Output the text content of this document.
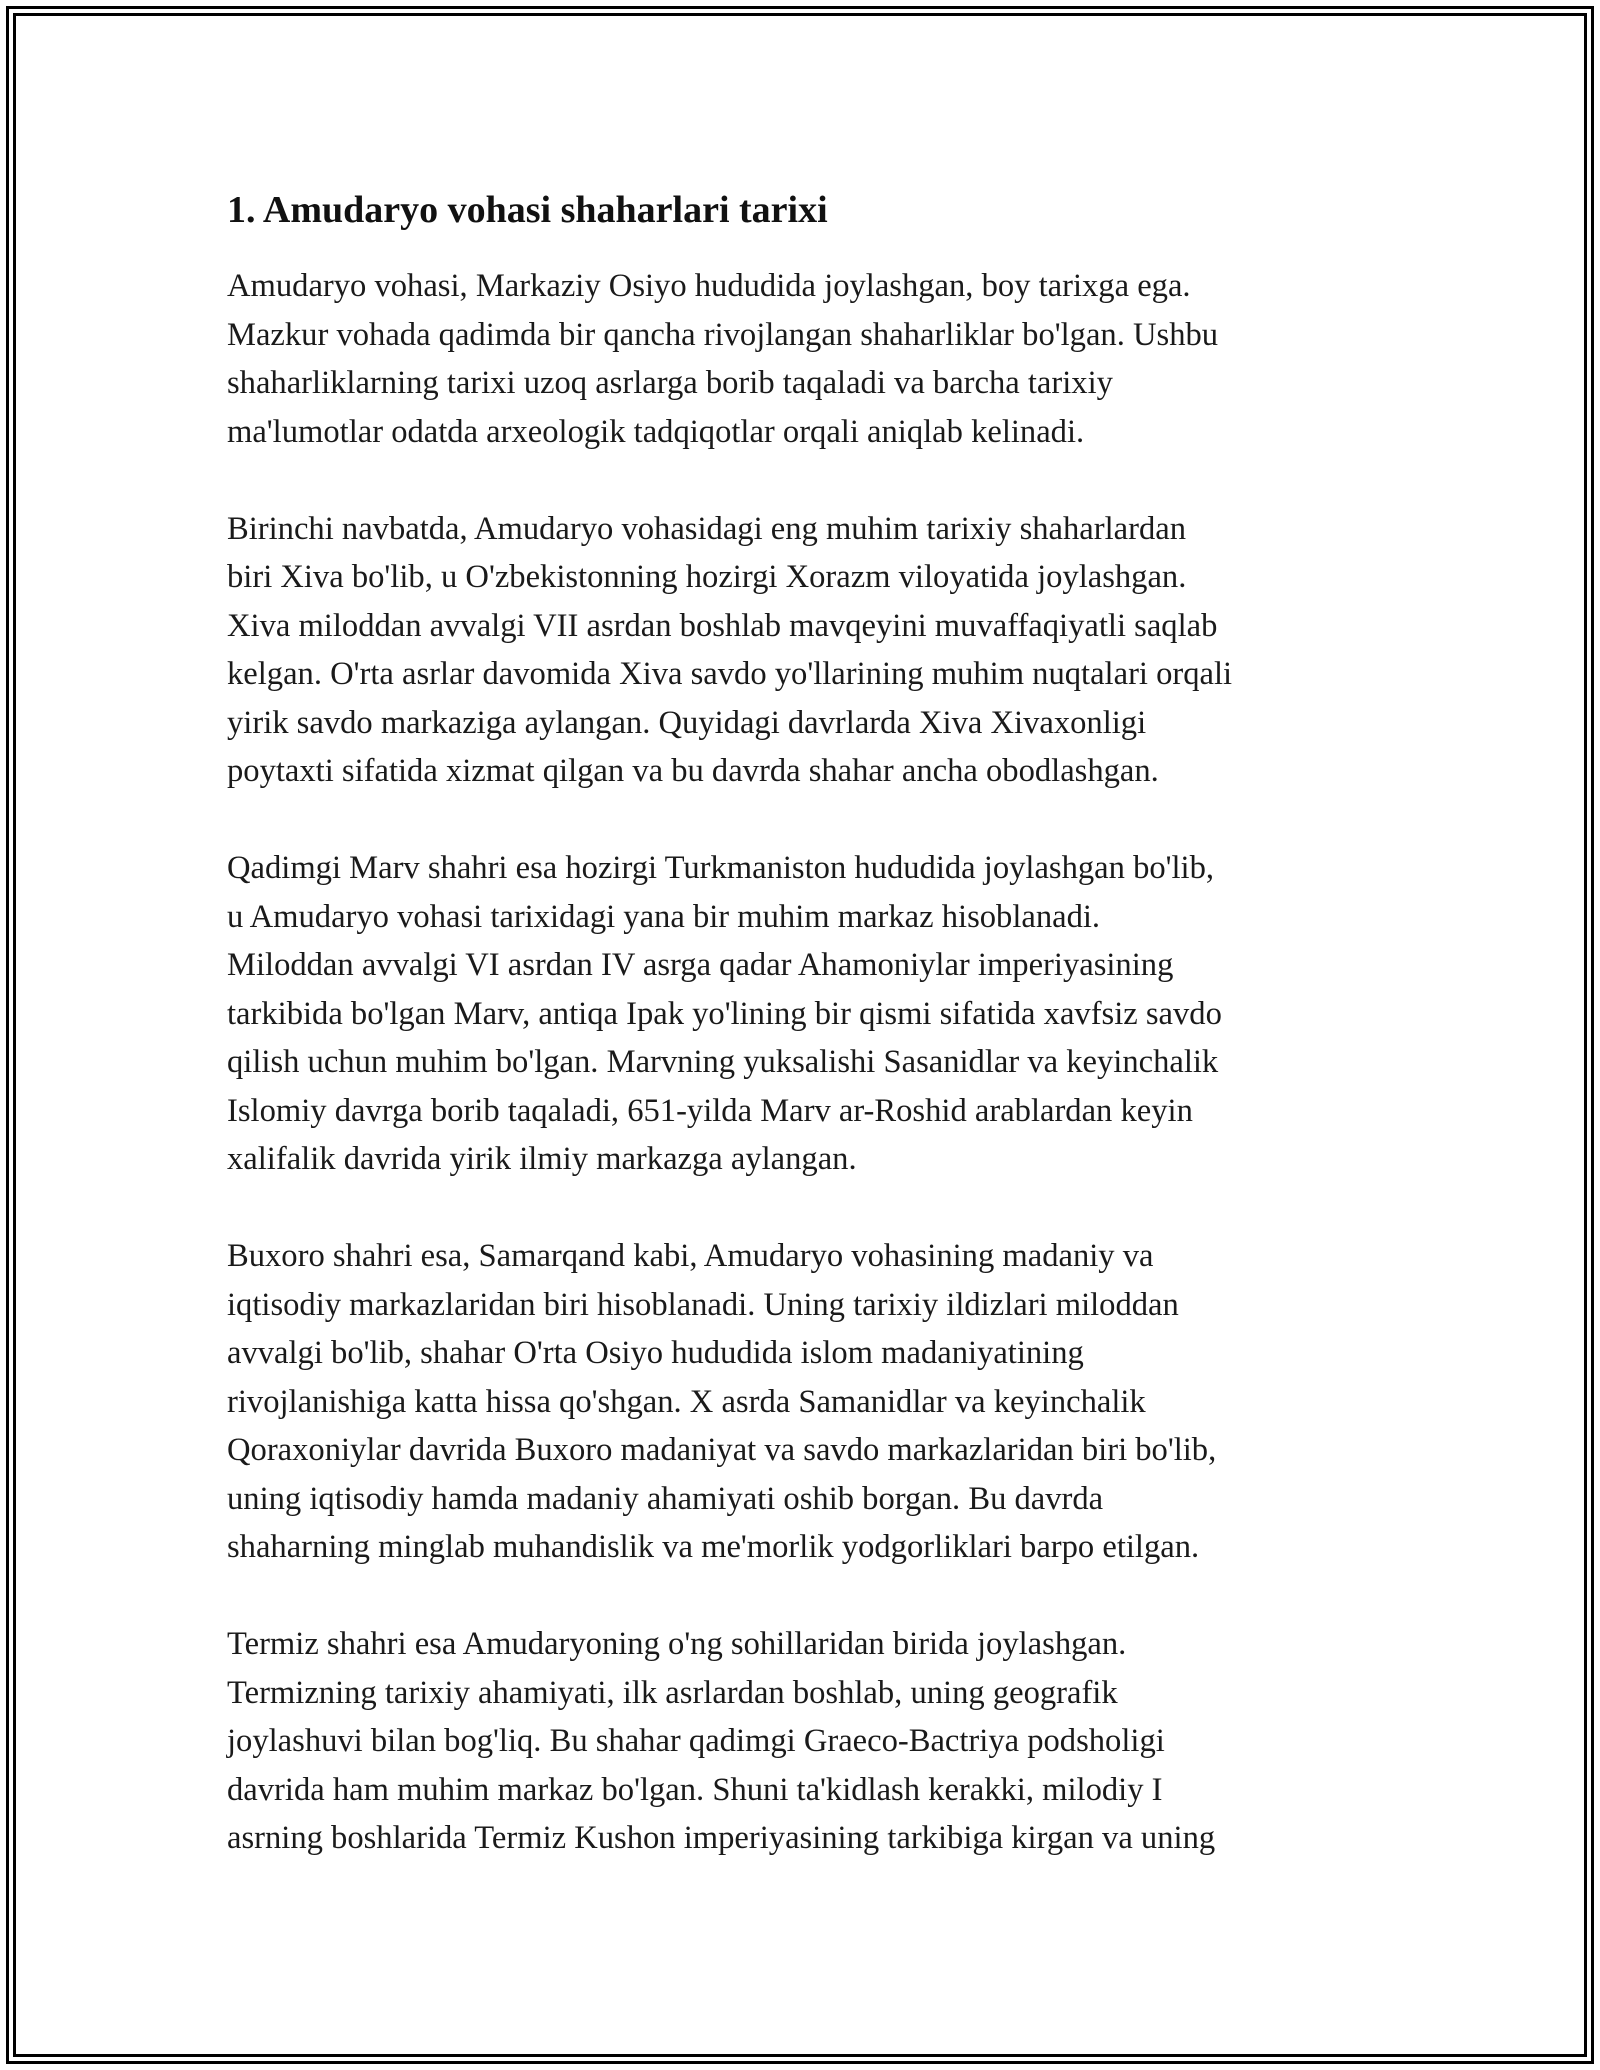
1. Amudaryo vohasi shaharlari tarixi

Amudaryo vohasi, Markaziy Osiyo hududida joylashgan, boy tarixga ega.
Mazkur vohada qadimda bir qancha rivojlangan shaharliklar bo'lgan. Ushbu
shaharliklarning tarixi uzoq asrlarga borib taqaladi va barcha tarixiy
ma'lumotlar odatda arxeologik tadqiqotlar orqali aniqlab kelinadi.

Birinchi navbatda, Amudaryo vohasidagi eng muhim tarixiy shaharlardan
biri Xiva bo'lib, u O'zbekistonning hozirgi Xorazm viloyatida joylashgan.
Xiva miloddan avvalgi VII asrdan boshlab mavqeyini muvaffaqiyatli saqlab
kelgan. O'rta asrlar davomida Xiva savdo yo'llarining muhim nuqtalari orqali
yirik savdo markaziga aylangan. Quyidagi davrlarda Xiva Xivaxonligi
poytaxti sifatida xizmat qilgan va bu davrda shahar ancha obodlashgan.

Qadimgi Marv shahri esa hozirgi Turkmaniston hududida joylashgan bo'lib,
u Amudaryo vohasi tarixidagi yana bir muhim markaz hisoblanadi.
Miloddan avvalgi VI asrdan IV asrga qadar Ahamoniylar imperiyasining
tarkibida bo'lgan Marv, antiqa Ipak yo'lining bir qismi sifatida xavfsiz savdo
qilish uchun muhim bo'lgan. Marvning yuksalishi Sasanidlar va keyinchalik
Islomiy davrga borib taqaladi, 651-yilda Marv ar-Roshid arablardan keyin
xalifalik davrida yirik ilmiy markazga aylangan.

Buxoro shahri esa, Samarqand kabi, Amudaryo vohasining madaniy va
iqtisodiy markazlaridan biri hisoblanadi. Uning tarixiy ildizlari miloddan
avvalgi bo'lib, shahar O'rta Osiyo hududida islom madaniyatining
rivojlanishiga katta hissa qo'shgan. X asrda Samanidlar va keyinchalik
Qoraxoniylar davrida Buxoro madaniyat va savdo markazlaridan biri bo'lib,
uning iqtisodiy hamda madaniy ahamiyati oshib borgan. Bu davrda
shaharning minglab muhandislik va me'morlik yodgorliklari barpo etilgan.

Termiz shahri esa Amudaryoning o'ng sohillaridan birida joylashgan.
Termizning tarixiy ahamiyati, ilk asrlardan boshlab, uning geografik
joylashuvi bilan bog'liq. Bu shahar qadimgi Graeco-Bactriya podsholigi
davrida ham muhim markaz bo'lgan. Shuni ta'kidlash kerakki, milodiy I
asrning boshlarida Termiz Kushon imperiyasining tarkibiga kirgan va uning
